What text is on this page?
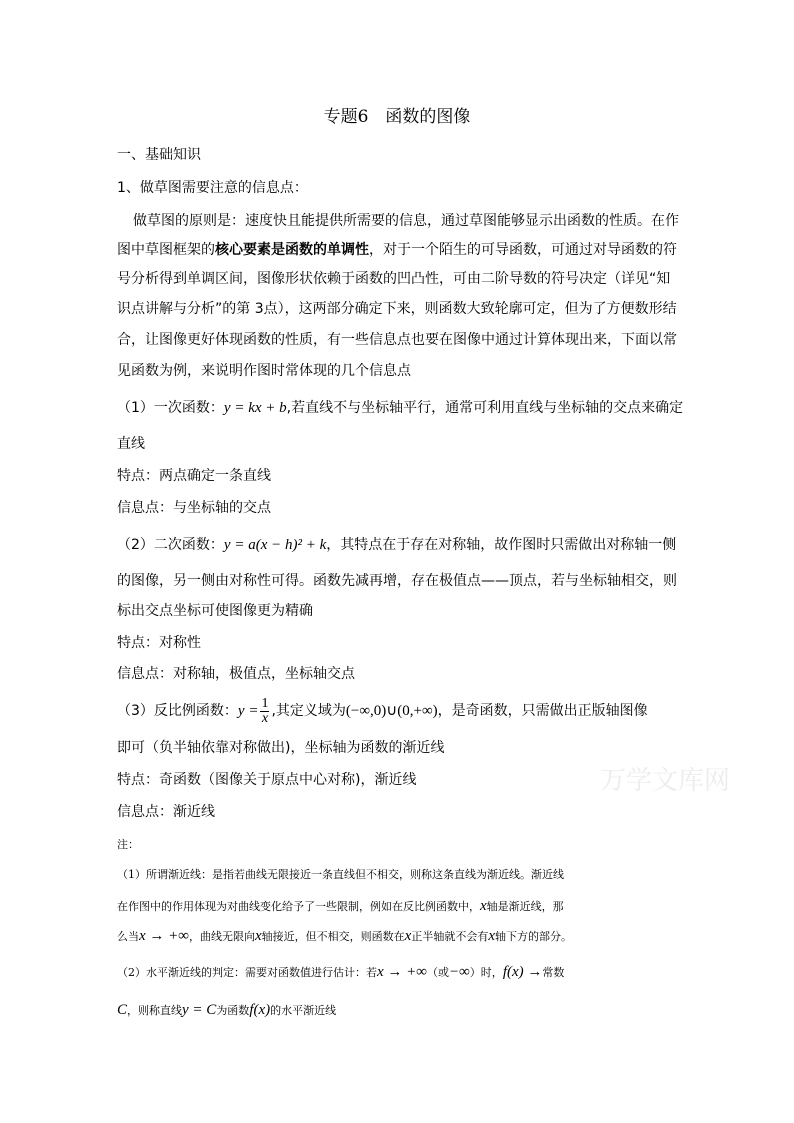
专题6　函数的图像
一、基础知识
1、做草图需要注意的信息点：
做草图的原则是：速度快且能提供所需要的信息，通过草图能够显示出函数的性质。在作
图中草图框架的核心要素是函数的单调性，对于一个陌生的可导函数，可通过对导函数的符
号分析得到单调区间，图像形状依赖于函数的凹凸性，可由二阶导数的符号决定（详见“知
识点讲解与分析”的第 3点），这两部分确定下来，则函数大致轮廓可定，但为了方便数形结
合，让图像更好体现函数的性质，有一些信息点也要在图像中通过计算体现出来，下面以常
见函数为例，来说明作图时常体现的几个信息点
（1）一次函数：y = kx + b,若直线不与坐标轴平行，通常可利用直线与坐标轴的交点来确定
直线
特点：两点确定一条直线
信息点：与坐标轴的交点
（2）二次函数：y = a(x − h)² + k，其特点在于存在对称轴，故作图时只需做出对称轴一侧
的图像，另一侧由对称性可得。函数先减再增，存在极值点——顶点，若与坐标轴相交，则
标出交点坐标可使图像更为精确
特点：对称性
信息点：对称轴，极值点，坐标轴交点
（3）反比例函数：$y = \frac{1}{x}$ ,其定义域为(−∞,0)∪(0,+∞)，是奇函数，只需做出正版轴图像
即可（负半轴依靠对称做出)，坐标轴为函数的渐近线
特点：奇函数（图像关于原点中心对称)，渐近线
信息点：渐近线
注：
（1）所谓渐近线：是指若曲线无限接近一条直线但不相交，则称这条直线为渐近线。渐近线
在作图中的作用体现为对曲线变化给予了一些限制，例如在反比例函数中，x轴是渐近线，那
么当x → +∞，曲线无限向x轴接近，但不相交，则函数在x正半轴就不会有x轴下方的部分。
（2）水平渐近线的判定：需要对函数值进行估计：若x → +∞（或−∞）时，f(x) →常数
C，则称直线y = C为函数f(x)的水平渐近线
万学文库网
